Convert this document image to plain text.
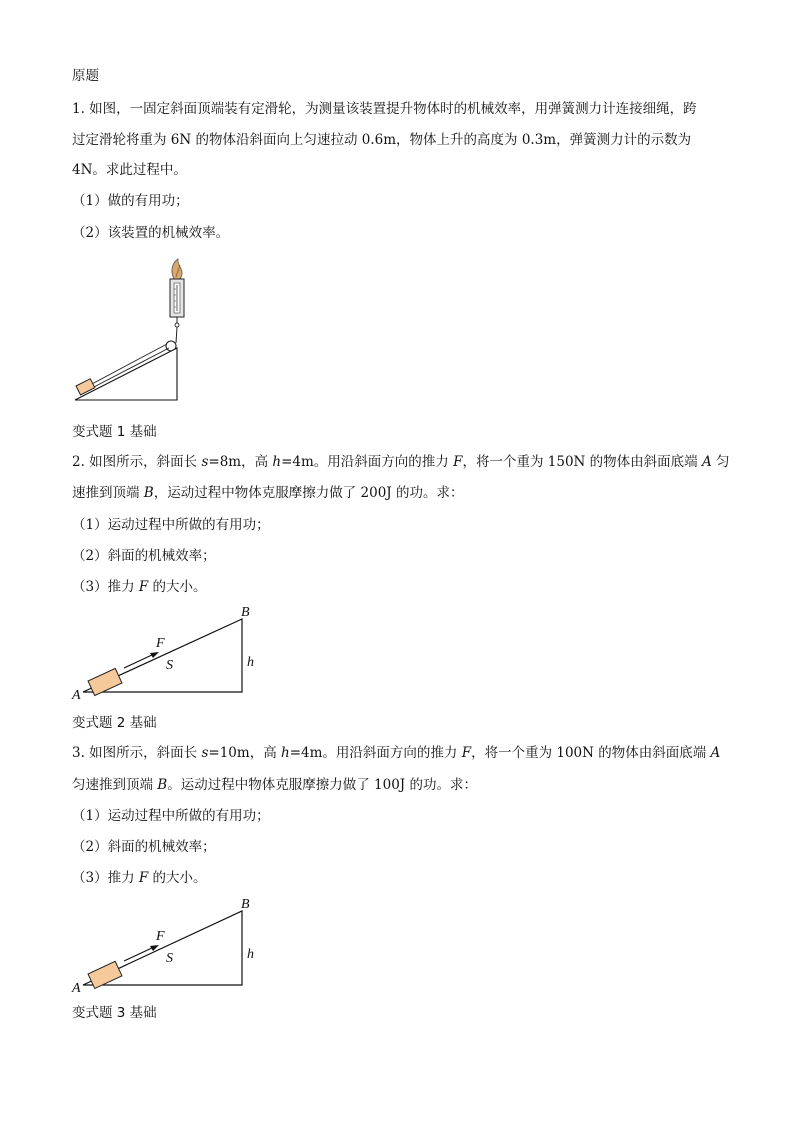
原题
1. 如图，一固定斜面顶端装有定滑轮，为测量该装置提升物体时的机械效率，用弹簧测力计连接细绳，跨
过定滑轮将重为 6N 的物体沿斜面向上匀速拉动 0.6m，物体上升的高度为 0.3m，弹簧测力计的示数为
4N。求此过程中。
（1）做的有用功；
（2）该装置的机械效率。
变式题 1 基础
2. 如图所示，斜面长 s=8m，高 h=4m。用沿斜面方向的推力 F，将一个重为 150N 的物体由斜面底端 A 匀
速推到顶端 B，运动过程中物体克服摩擦力做了 200J 的功。求：
（1）运动过程中所做的有用功；
（2）斜面的机械效率；
（3）推力 F 的大小。
A
B
F
S	h
变式题 2 基础
3. 如图所示，斜面长 s=10m，高 h=4m。用沿斜面方向的推力 F，将一个重为 100N 的物体由斜面底端 A
匀速推到顶端 B。运动过程中物体克服摩擦力做了 100J 的功。求：
（1）运动过程中所做的有用功；
（2）斜面的机械效率；
（3）推力 F 的大小。
A
B
F
S	h
变式题 3 基础
